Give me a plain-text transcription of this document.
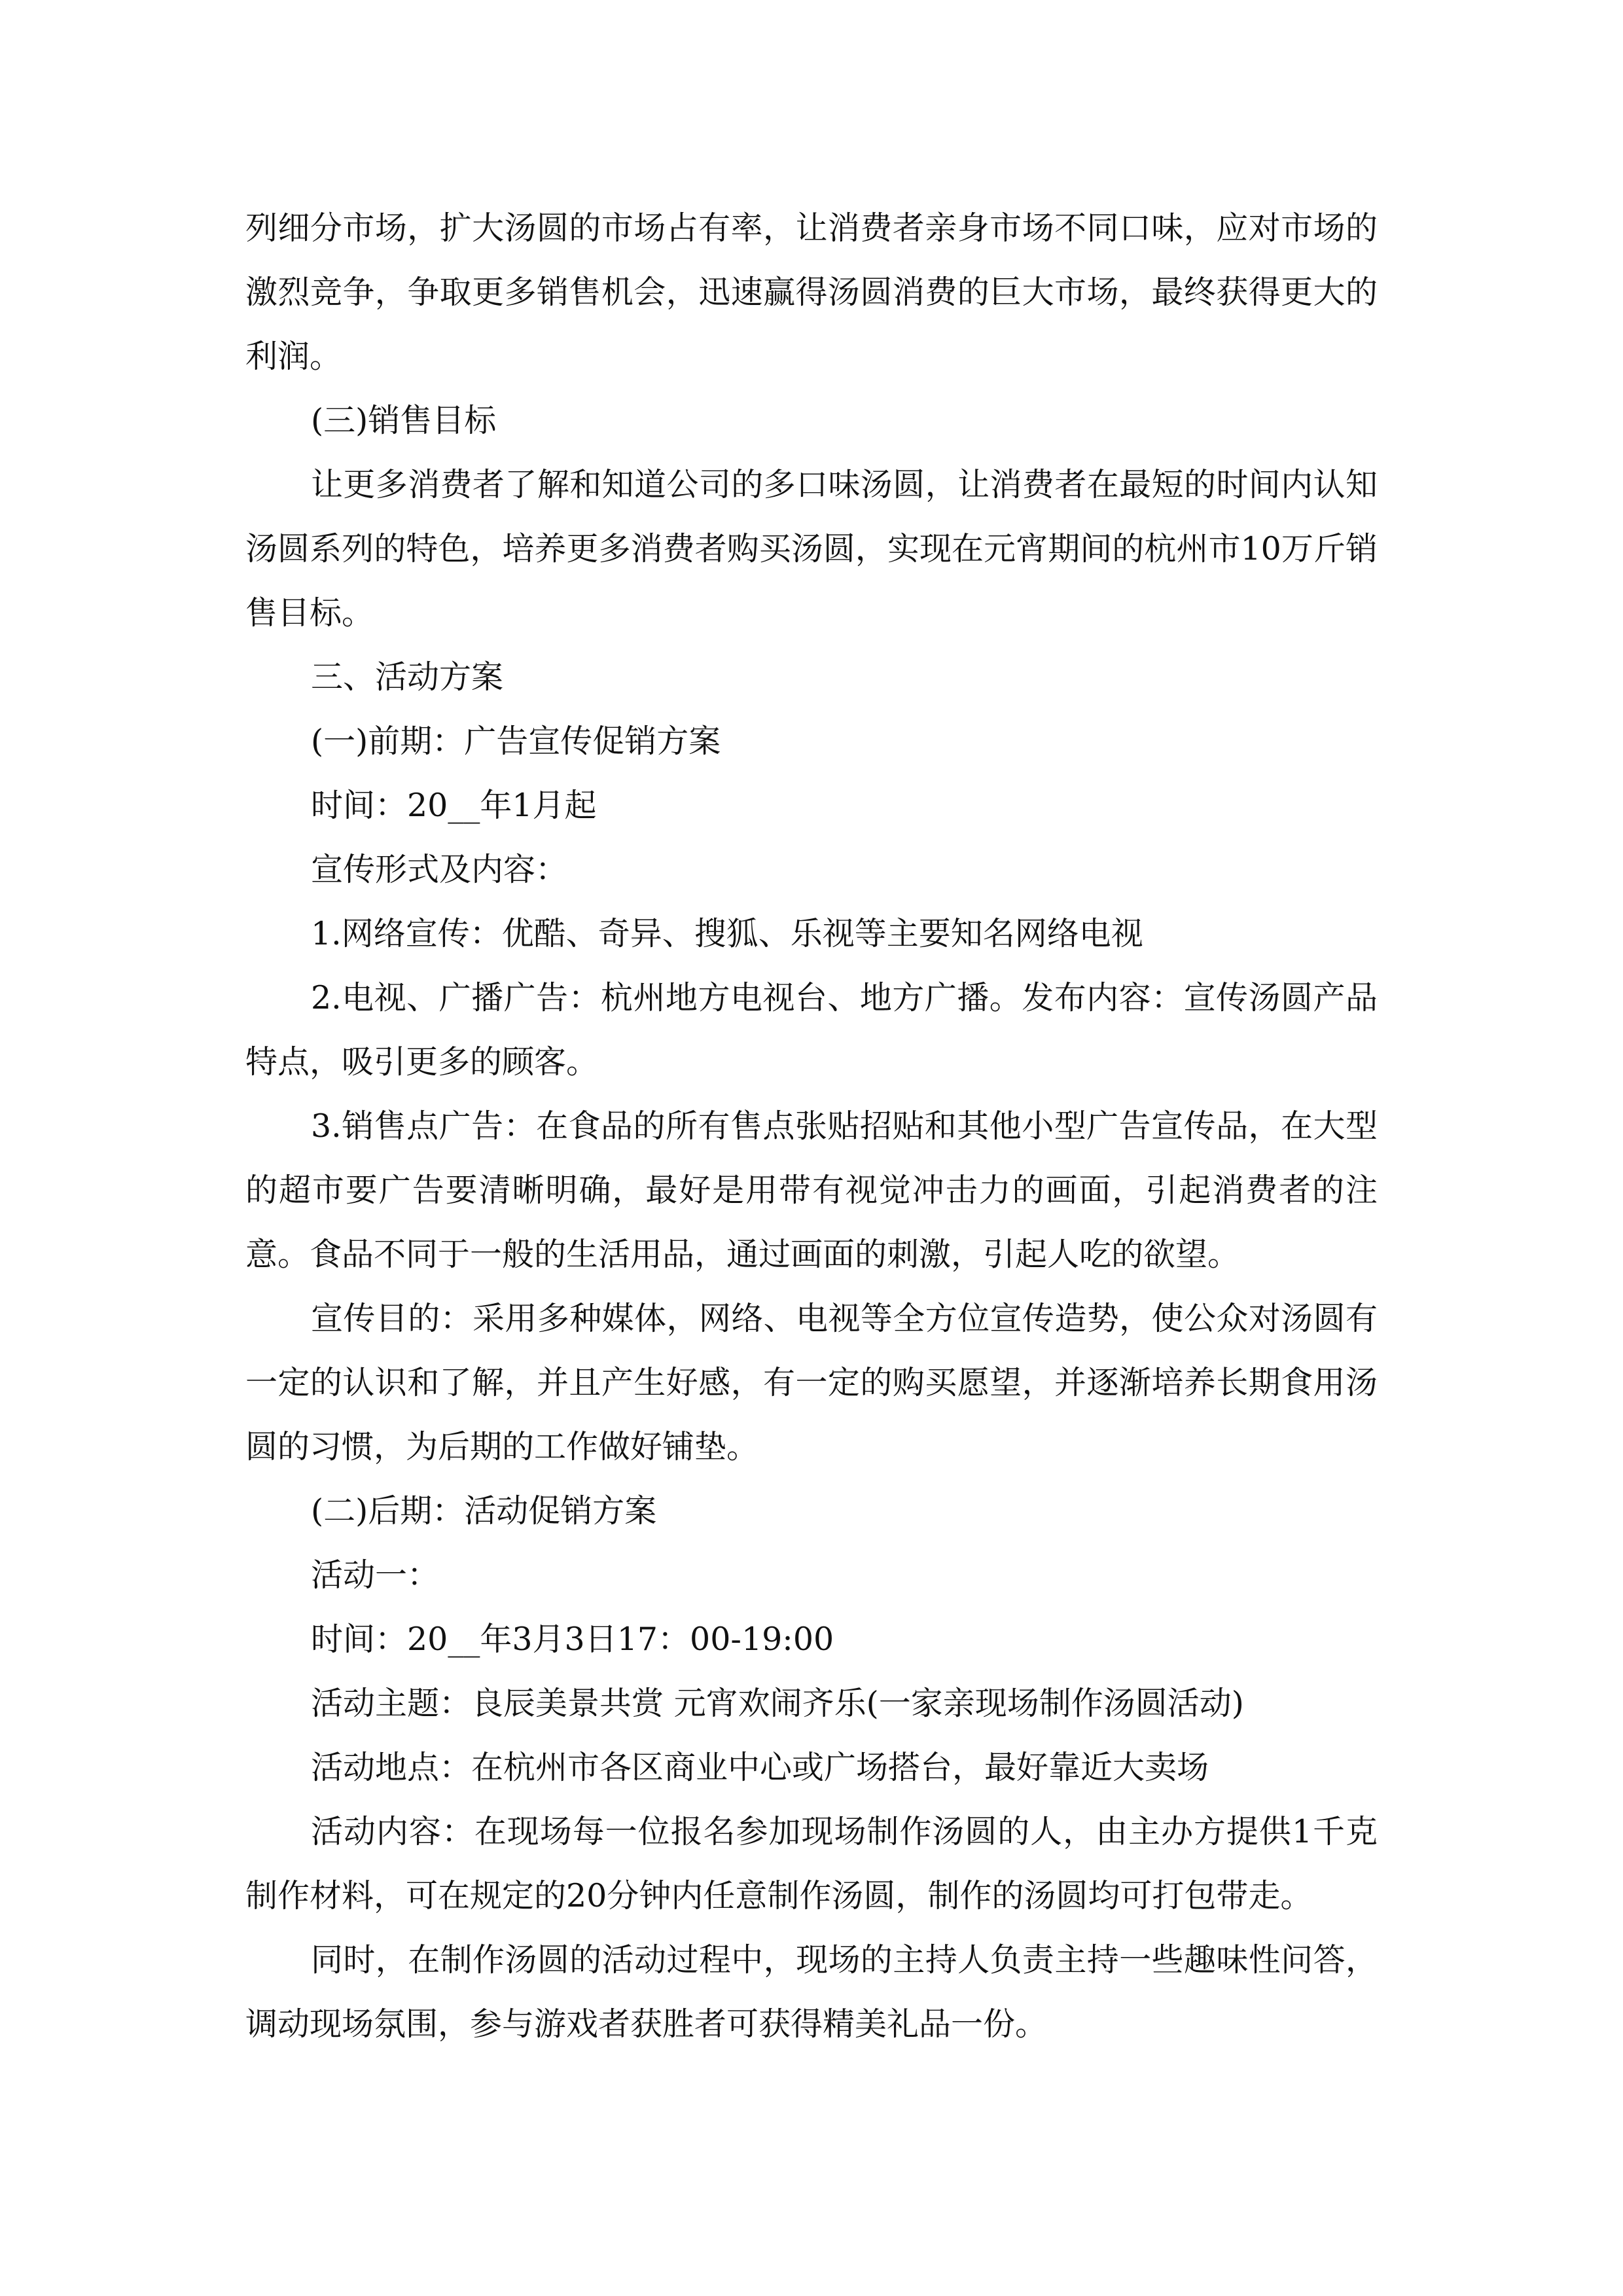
列细分市场，扩大汤圆的市场占有率，让消费者亲身市场不同口味，应对市场的激烈竞争，争取更多销售机会，迅速赢得汤圆消费的巨大市场，最终获得更大的利润。

(三)销售目标

让更多消费者了解和知道公司的多口味汤圆，让消费者在最短的时间内认知汤圆系列的特色，培养更多消费者购买汤圆，实现在元宵期间的杭州市10万斤销售目标。

三、活动方案

(一)前期：广告宣传促销方案

时间：20__年1月起

宣传形式及内容：

1.网络宣传：优酷、奇异、搜狐、乐视等主要知名网络电视

2.电视、广播广告：杭州地方电视台、地方广播。发布内容：宣传汤圆产品特点，吸引更多的顾客。

3.销售点广告：在食品的所有售点张贴招贴和其他小型广告宣传品，在大型的超市要广告要清晰明确，最好是用带有视觉冲击力的画面，引起消费者的注意。食品不同于一般的生活用品，通过画面的刺激，引起人吃的欲望。

宣传目的：采用多种媒体，网络、电视等全方位宣传造势，使公众对汤圆有一定的认识和了解，并且产生好感，有一定的购买愿望，并逐渐培养长期食用汤圆的习惯，为后期的工作做好铺垫。

(二)后期：活动促销方案

活动一：

时间：20__年3月3日17：00-19:00

活动主题：良辰美景共赏 元宵欢闹齐乐(一家亲现场制作汤圆活动)

活动地点：在杭州市各区商业中心或广场搭台，最好靠近大卖场

活动内容：在现场每一位报名参加现场制作汤圆的人，由主办方提供1千克制作材料，可在规定的20分钟内任意制作汤圆，制作的汤圆均可打包带走。

同时，在制作汤圆的活动过程中，现场的主持人负责主持一些趣味性问答，调动现场氛围，参与游戏者获胜者可获得精美礼品一份。
